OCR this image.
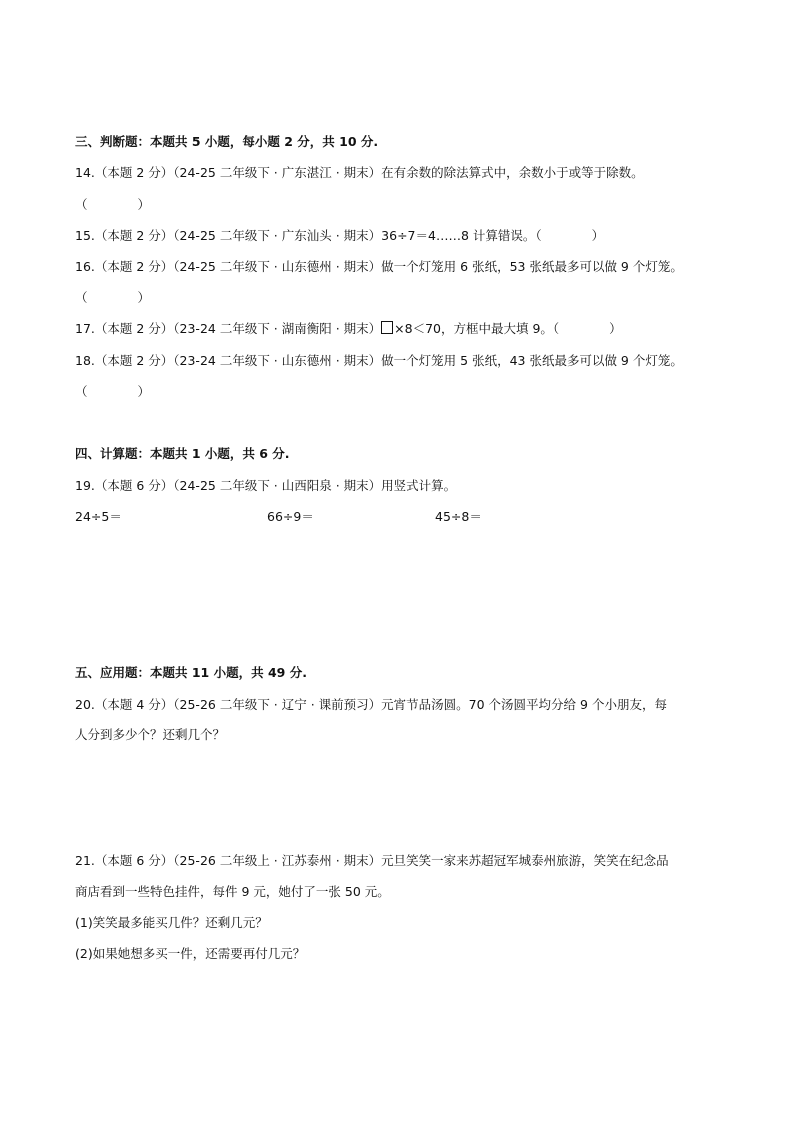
三、判断题：本题共 5 小题，每小题 2 分，共 10 分.
14.（本题 2 分）（24-25 二年级下 · 广东湛江 · 期末）在有余数的除法算式中，余数小于或等于除数。
（　　　　）
15.（本题 2 分）（24-25 二年级下 · 广东汕头 · 期末）36÷7＝4……8 计算错误。（　　　　）
16.（本题 2 分）（24-25 二年级下 · 山东德州 · 期末）做一个灯笼用 6 张纸，53 张纸最多可以做 9 个灯笼。
（　　　　）
17.（本题 2 分）（23-24 二年级下 · 湖南衡阳 · 期末） ×8＜70，方框中最大填 9。（　　　　）
18.（本题 2 分）（23-24 二年级下 · 山东德州 · 期末）做一个灯笼用 5 张纸，43 张纸最多可以做 9 个灯笼。
（　　　　）
四、计算题：本题共 1 小题，共 6 分.
19.（本题 6 分）（24-25 二年级下 · 山西阳泉 · 期末）用竖式计算。
24÷5＝	66÷9＝	45÷8＝
五、应用题：本题共 11 小题，共 49 分.
20.（本题 4 分）（25-26 二年级下 · 辽宁 · 课前预习）元宵节品汤圆。70 个汤圆平均分给 9 个小朋友，每
人分到多少个？还剩几个？
21.（本题 6 分）（25-26 二年级上 · 江苏泰州 · 期末）元旦笑笑一家来苏超冠军城泰州旅游，笑笑在纪念品
商店看到一些特色挂件，每件 9 元，她付了一张 50 元。
(1)笑笑最多能买几件？还剩几元？
(2)如果她想多买一件，还需要再付几元？
